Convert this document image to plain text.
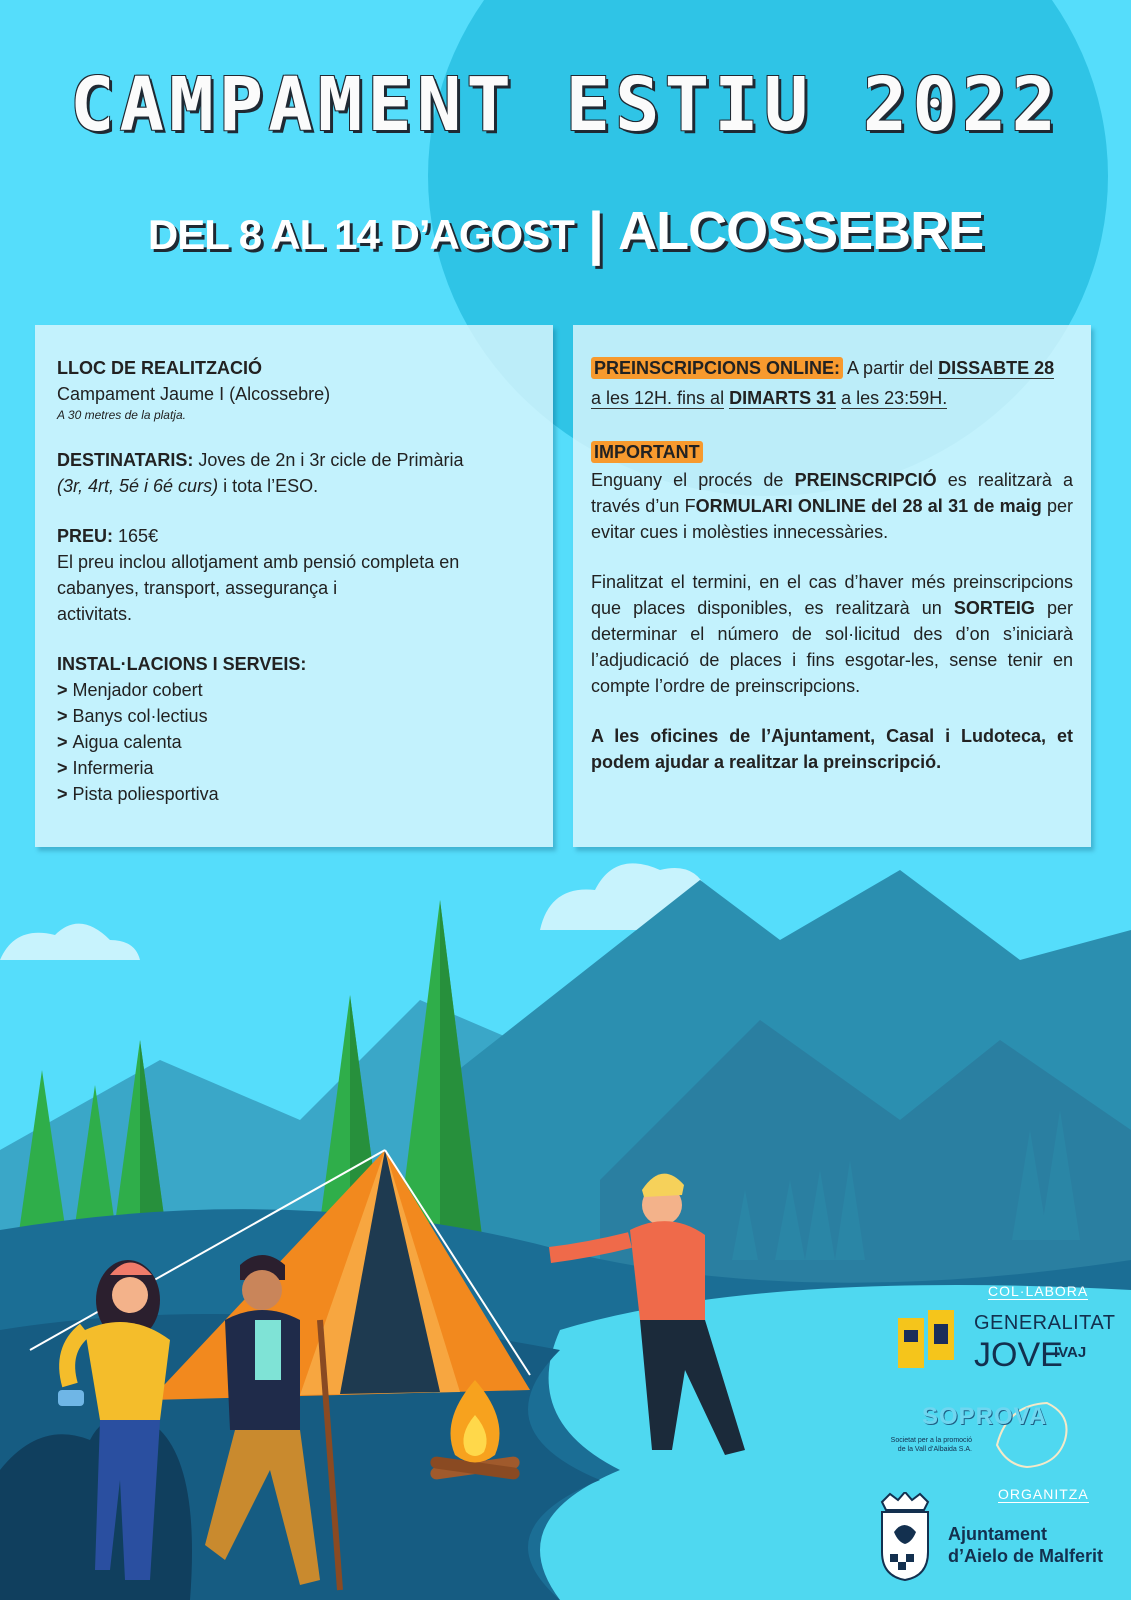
CAMPAMENT ESTIU 2022
DEL 8 AL 14 D’AGOST | ALCOSSEBRE

LLOC DE REALITZACIÓ

Campament Jaume I (Alcossebre)

A 30 metres de la platja.

DESTINATARIS: Joves de 2n i 3r cicle de Primària

(3r, 4rt, 5é i 6é curs) i tota l’ESO.

PREU: 165€

El preu inclou allotjament amb pensió completa en

cabanyes, transport, assegurança i

activitats.

INSTAL·LACIONS I SERVEIS:

> Menjador cobert

> Banys col·lectius

> Aigua calenta

> Infermeria

> Pista poliesportiva

PREINSCRIPCIONS ONLINE: A partir del DISSABTE 28

a les 12H. fins al DIMARTS 31 a les 23:59H.

IMPORTANT

Enguany el procés de PREINSCRIPCIÓ es realitzarà a través d’un FORMULARI ONLINE del 28 al 31 de maig per evitar cues i molèsties innecessàries.

Finalitzat el termini, en el cas d’haver més preinscripcions que places disponibles, es realitzarà un SORTEIG per determinar el número de sol·licitud des d’on s’iniciarà l’adjudicació de places i fins esgotar-les, sense tenir en compte l’ordre de preinscripcions.

A les oficines de l’Ajuntament, Casal i Ludoteca, et podem ajudar a realitzar la preinscripció.

COL·LABORA
GENERALITAT
JOVE
IVAJ
SOPROVA
Societat per a la promoció
de la Vall d’Albaida S.A.
ORGANITZA
Ajuntament
d’Aielo de Malferit
